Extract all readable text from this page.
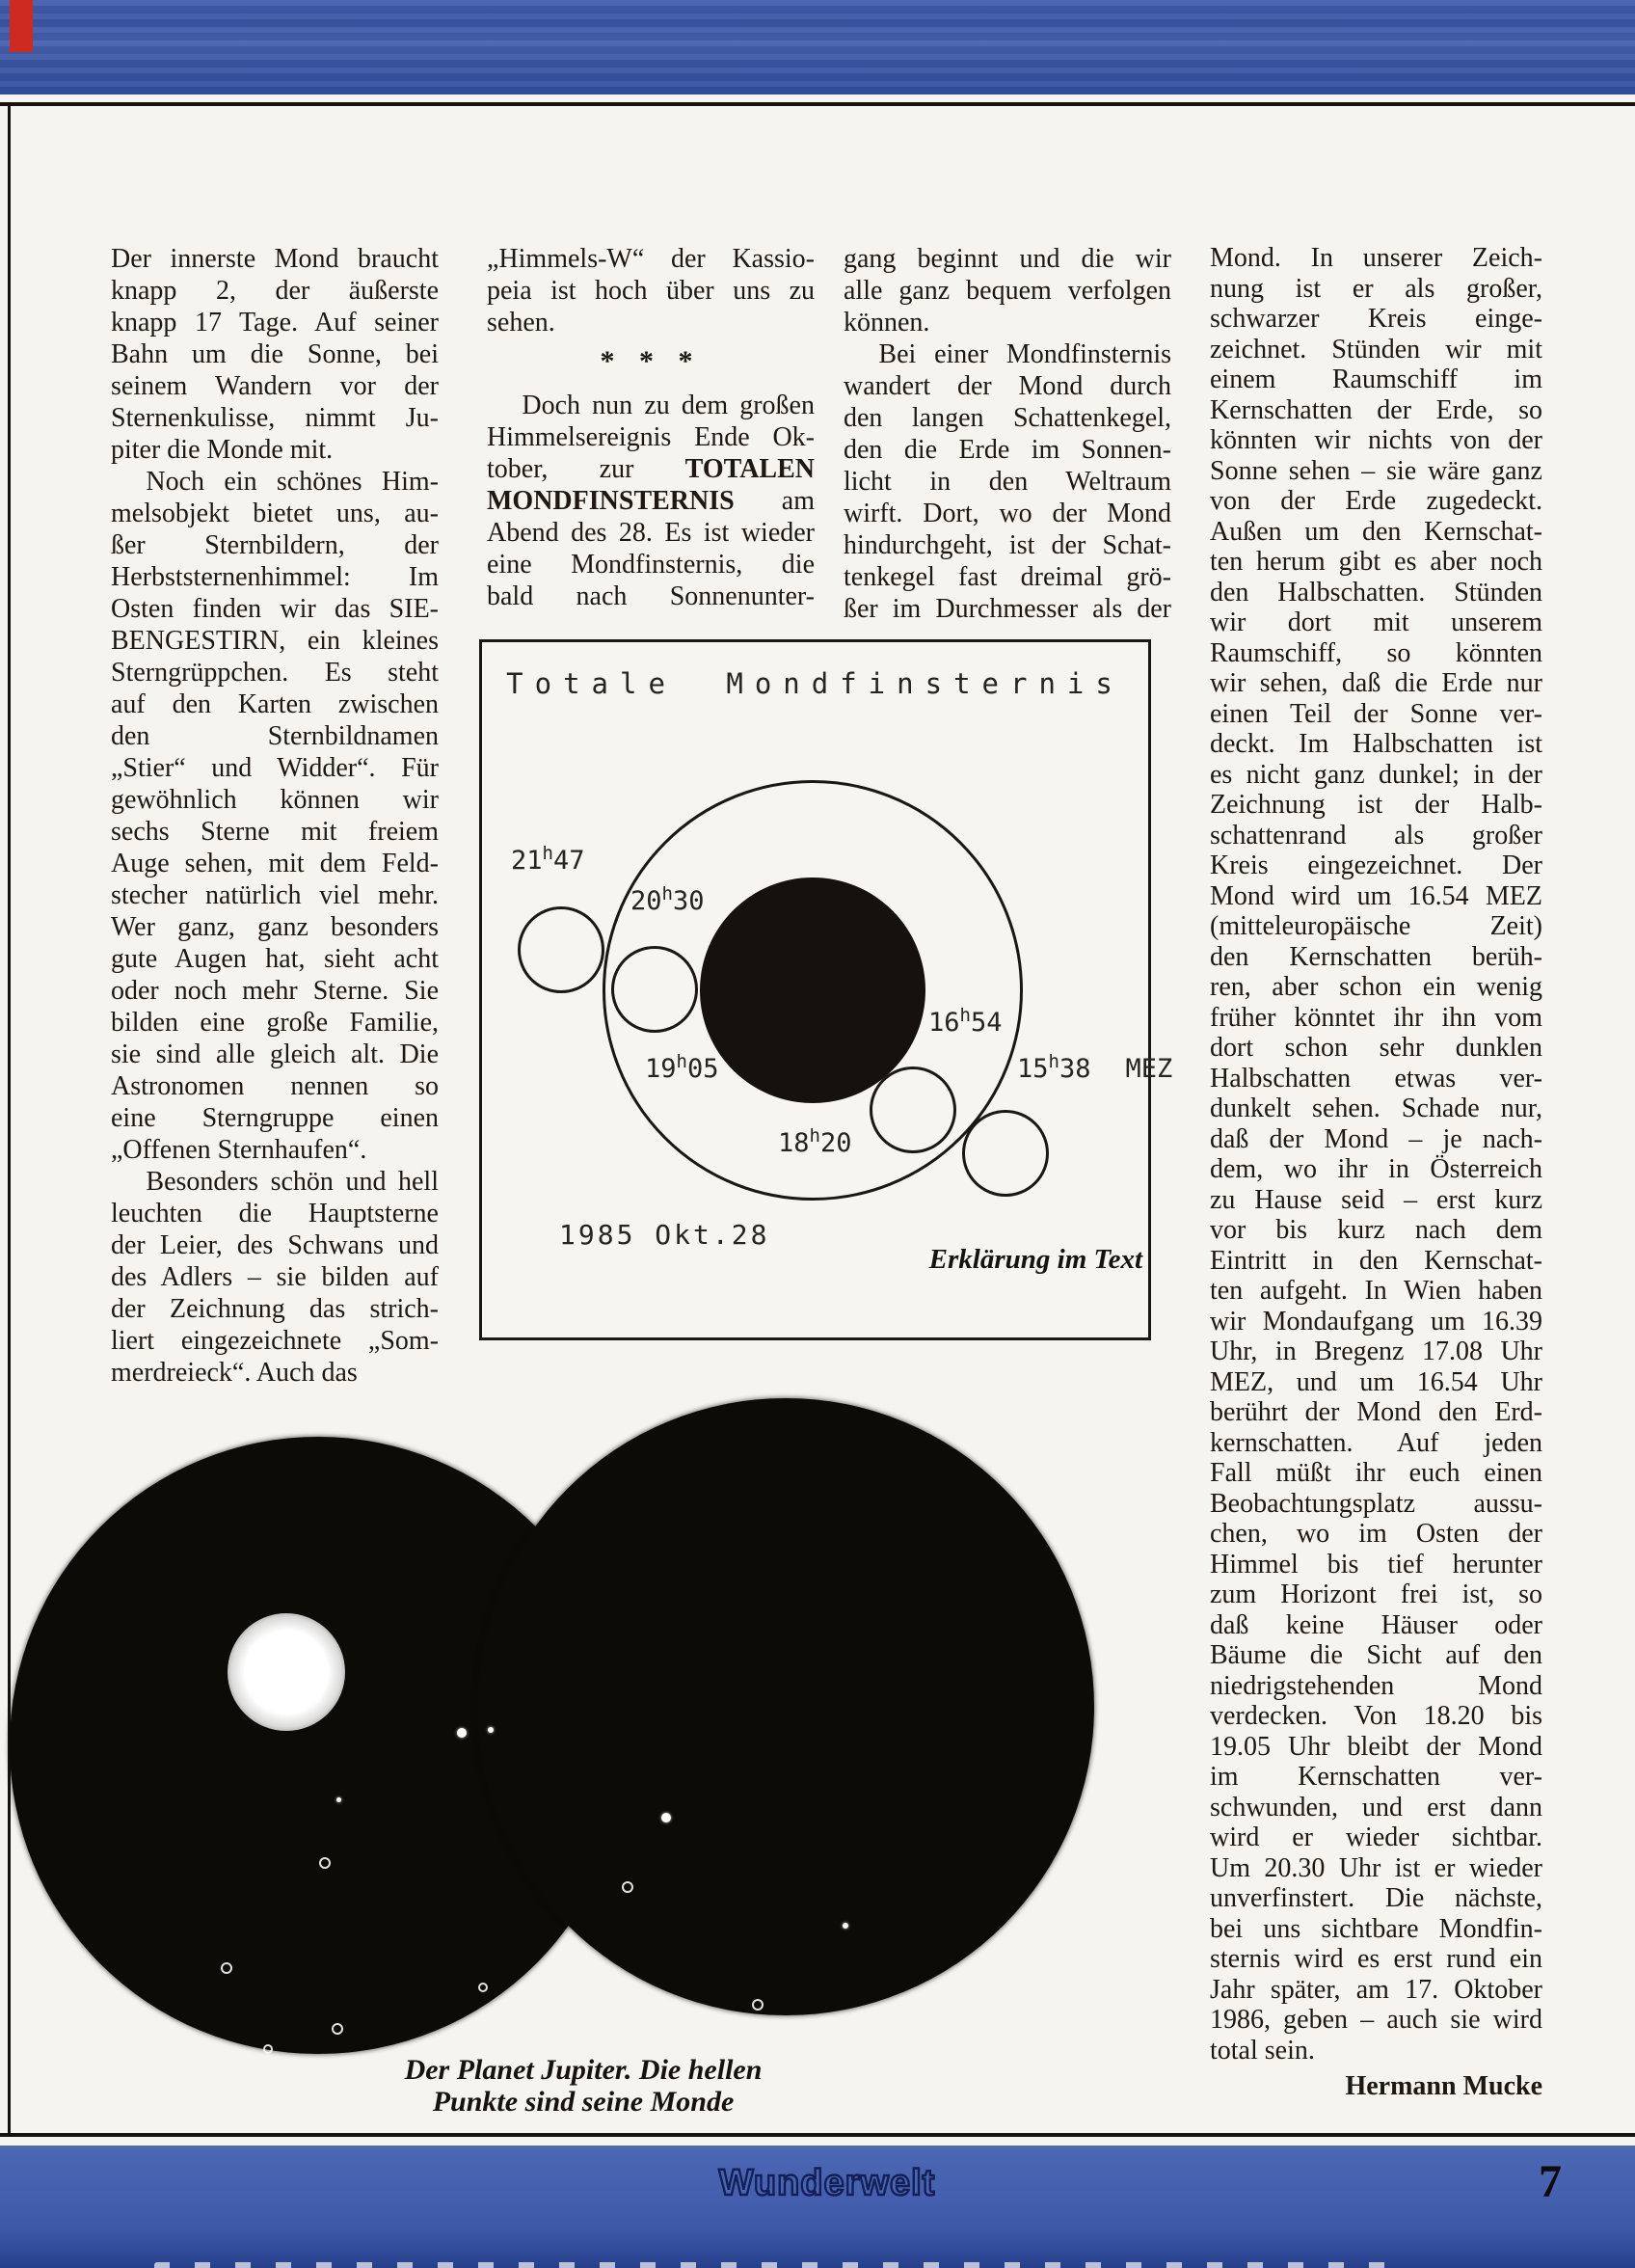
Der innerste Mond braucht
knapp 2, der äußerste
knapp 17 Tage. Auf seiner
Bahn um die Sonne, bei
seinem Wandern vor der
Sternenkulisse, nimmt Ju-
piter die Monde mit.
Noch ein schönes Him-
melsobjekt bietet uns, au-
ßer Sternbildern, der
Herbststernenhimmel: Im
Osten finden wir das SIE-
BENGESTIRN, ein kleines
Sterngrüppchen. Es steht
auf den Karten zwischen
den Sternbildnamen
„Stier“ und Widder“. Für
gewöhnlich können wir
sechs Sterne mit freiem
Auge sehen, mit dem Feld-
stecher natürlich viel mehr.
Wer ganz, ganz besonders
gute Augen hat, sieht acht
oder noch mehr Sterne. Sie
bilden eine große Familie,
sie sind alle gleich alt. Die
Astronomen nennen so
eine Sterngruppe einen
„Offenen Sternhaufen“.
Besonders schön und hell
leuchten die Hauptsterne
der Leier, des Schwans und
des Adlers – sie bilden auf
der Zeichnung das strich-
liert eingezeichnete „Som-
merdreieck“. Auch das
„Himmels-W“ der Kassio-
peia ist hoch über uns zu
sehen.
* * *
Doch nun zu dem großen
Himmelsereignis Ende Ok-
tober, zur TOTALEN
MONDFINSTERNIS am
Abend des 28. Es ist wieder
eine Mondfinsternis, die
bald nach Sonnenunter-
gang beginnt und die wir
alle ganz bequem verfolgen
können.
Bei einer Mondfinsternis
wandert der Mond durch
den langen Schattenkegel,
den die Erde im Sonnen-
licht in den Weltraum
wirft. Dort, wo der Mond
hindurchgeht, ist der Schat-
tenkegel fast dreimal grö-
ßer im Durchmesser als der
Mond. In unserer Zeich-
nung ist er als großer,
schwarzer Kreis einge-
zeichnet. Stünden wir mit
einem Raumschiff im
Kernschatten der Erde, so
könnten wir nichts von der
Sonne sehen – sie wäre ganz
von der Erde zugedeckt.
Außen um den Kernschat-
ten herum gibt es aber noch
den Halbschatten. Stünden
wir dort mit unserem
Raumschiff, so könnten
wir sehen, daß die Erde nur
einen Teil der Sonne ver-
deckt. Im Halbschatten ist
es nicht ganz dunkel; in der
Zeichnung ist der Halb-
schattenrand als großer
Kreis eingezeichnet. Der
Mond wird um 16.54 MEZ
(mitteleuropäische Zeit)
den Kernschatten berüh-
ren, aber schon ein wenig
früher könntet ihr ihn vom
dort schon sehr dunklen
Halbschatten etwas ver-
dunkelt sehen. Schade nur,
daß der Mond – je nach-
dem, wo ihr in Österreich
zu Hause seid – erst kurz
vor bis kurz nach dem
Eintritt in den Kernschat-
ten aufgeht. In Wien haben
wir Mondaufgang um 16.39
Uhr, in Bregenz 17.08 Uhr
MEZ, und um 16.54 Uhr
berührt der Mond den Erd-
kernschatten. Auf jeden
Fall müßt ihr euch einen
Beobachtungsplatz aussu-
chen, wo im Osten der
Himmel bis tief herunter
zum Horizont frei ist, so
daß keine Häuser oder
Bäume die Sicht auf den
niedrigstehenden Mond
verdecken. Von 18.20 bis
19.05 Uhr bleibt der Mond
im Kernschatten ver-
schwunden, und erst dann
wird er wieder sichtbar.
Um 20.30 Uhr ist er wieder
unverfinstert. Die nächste,
bei uns sichtbare Mondfin-
sternis wird es erst rund ein
Jahr später, am 17. Oktober
1986, geben – auch sie wird
total sein.
Hermann Mucke
Totale Mondfinsternis
21$^h$47
20$^h$30
19$^h$05
16$^h$54
15$^h$38 MEZ
18$^h$20
1985 Okt.28
Erklärung im Text
Der Planet Jupiter. Die hellen
Punkte sind seine Monde
Wunderwelt	7
